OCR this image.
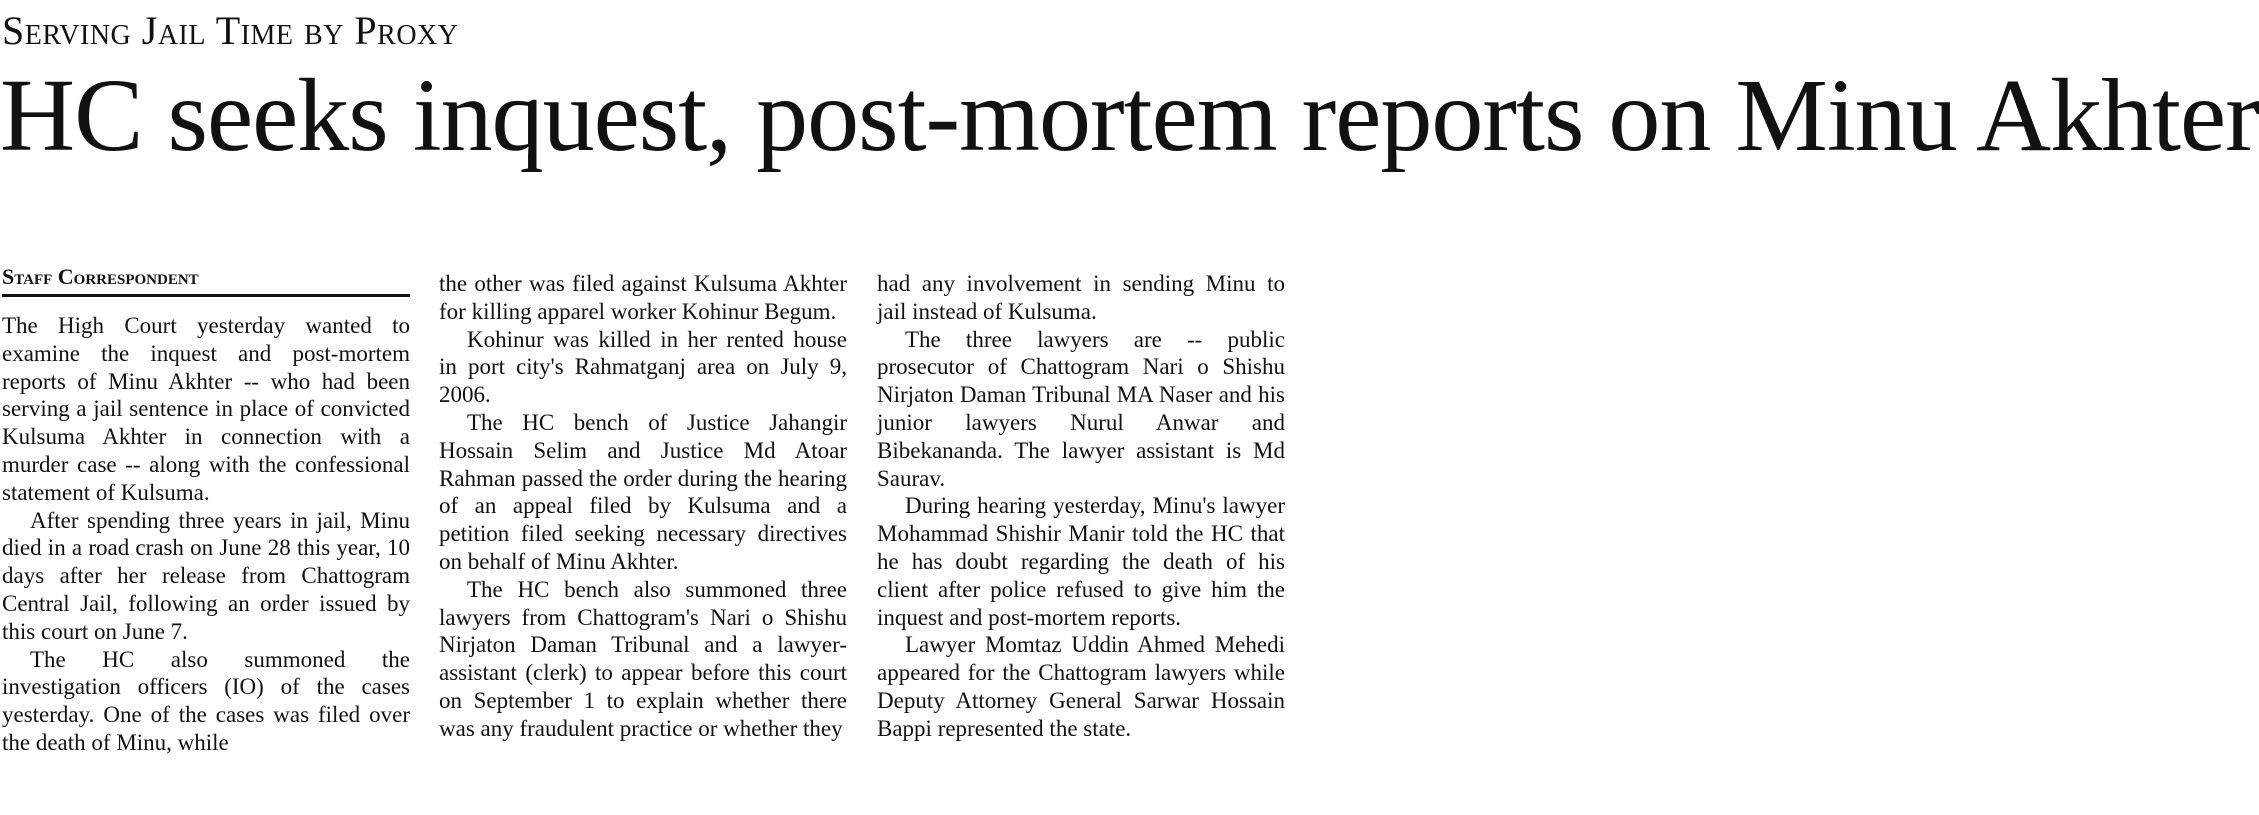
Serving Jail Time by Proxy
HC seeks inquest, post-mortem reports on Minu Akhter
Staff Correspondent

The High Court yesterday wanted to examine the inquest and post-mortem reports of Minu Akhter -- who had been serving a jail sentence in place of convicted Kulsuma Akhter in connection with a murder case -- along with the confessional statement of Kulsuma.

After spending three years in jail, Minu died in a road crash on June 28 this year, 10 days after her release from Chattogram Central Jail, following an order issued by this court on June 7.

The HC also summoned the investigation officers (IO) of the cases yesterday. One of the cases was filed over the death of Minu, while

the other was filed against Kulsuma Akhter for killing apparel worker Kohinur Begum.

Kohinur was killed in her rented house in port city's Rahmatganj area on July 9, 2006.

The HC bench of Justice Jahangir Hossain Selim and Justice Md Atoar Rahman passed the order during the hearing of an appeal filed by Kulsuma and a petition filed seeking necessary directives on behalf of Minu Akhter.

The HC bench also summoned three lawyers from Chattogram's Nari o Shishu Nirjaton Daman Tribunal and a lawyer-assistant (clerk) to appear before this court on September 1 to explain whether there was any fraudulent practice or whether they

had any involvement in sending Minu to jail instead of Kulsuma.

The three lawyers are -- public prosecutor of Chattogram Nari o Shishu Nirjaton Daman Tribunal MA Naser and his junior lawyers Nurul Anwar and Bibekananda. The lawyer assistant is Md Saurav.

During hearing yesterday, Minu's lawyer Mohammad Shishir Manir told the HC that he has doubt regarding the death of his client after police refused to give him the inquest and post-mortem reports.

Lawyer Momtaz Uddin Ahmed Mehedi appeared for the Chattogram lawyers while Deputy Attorney General Sarwar Hossain Bappi represented the state.
